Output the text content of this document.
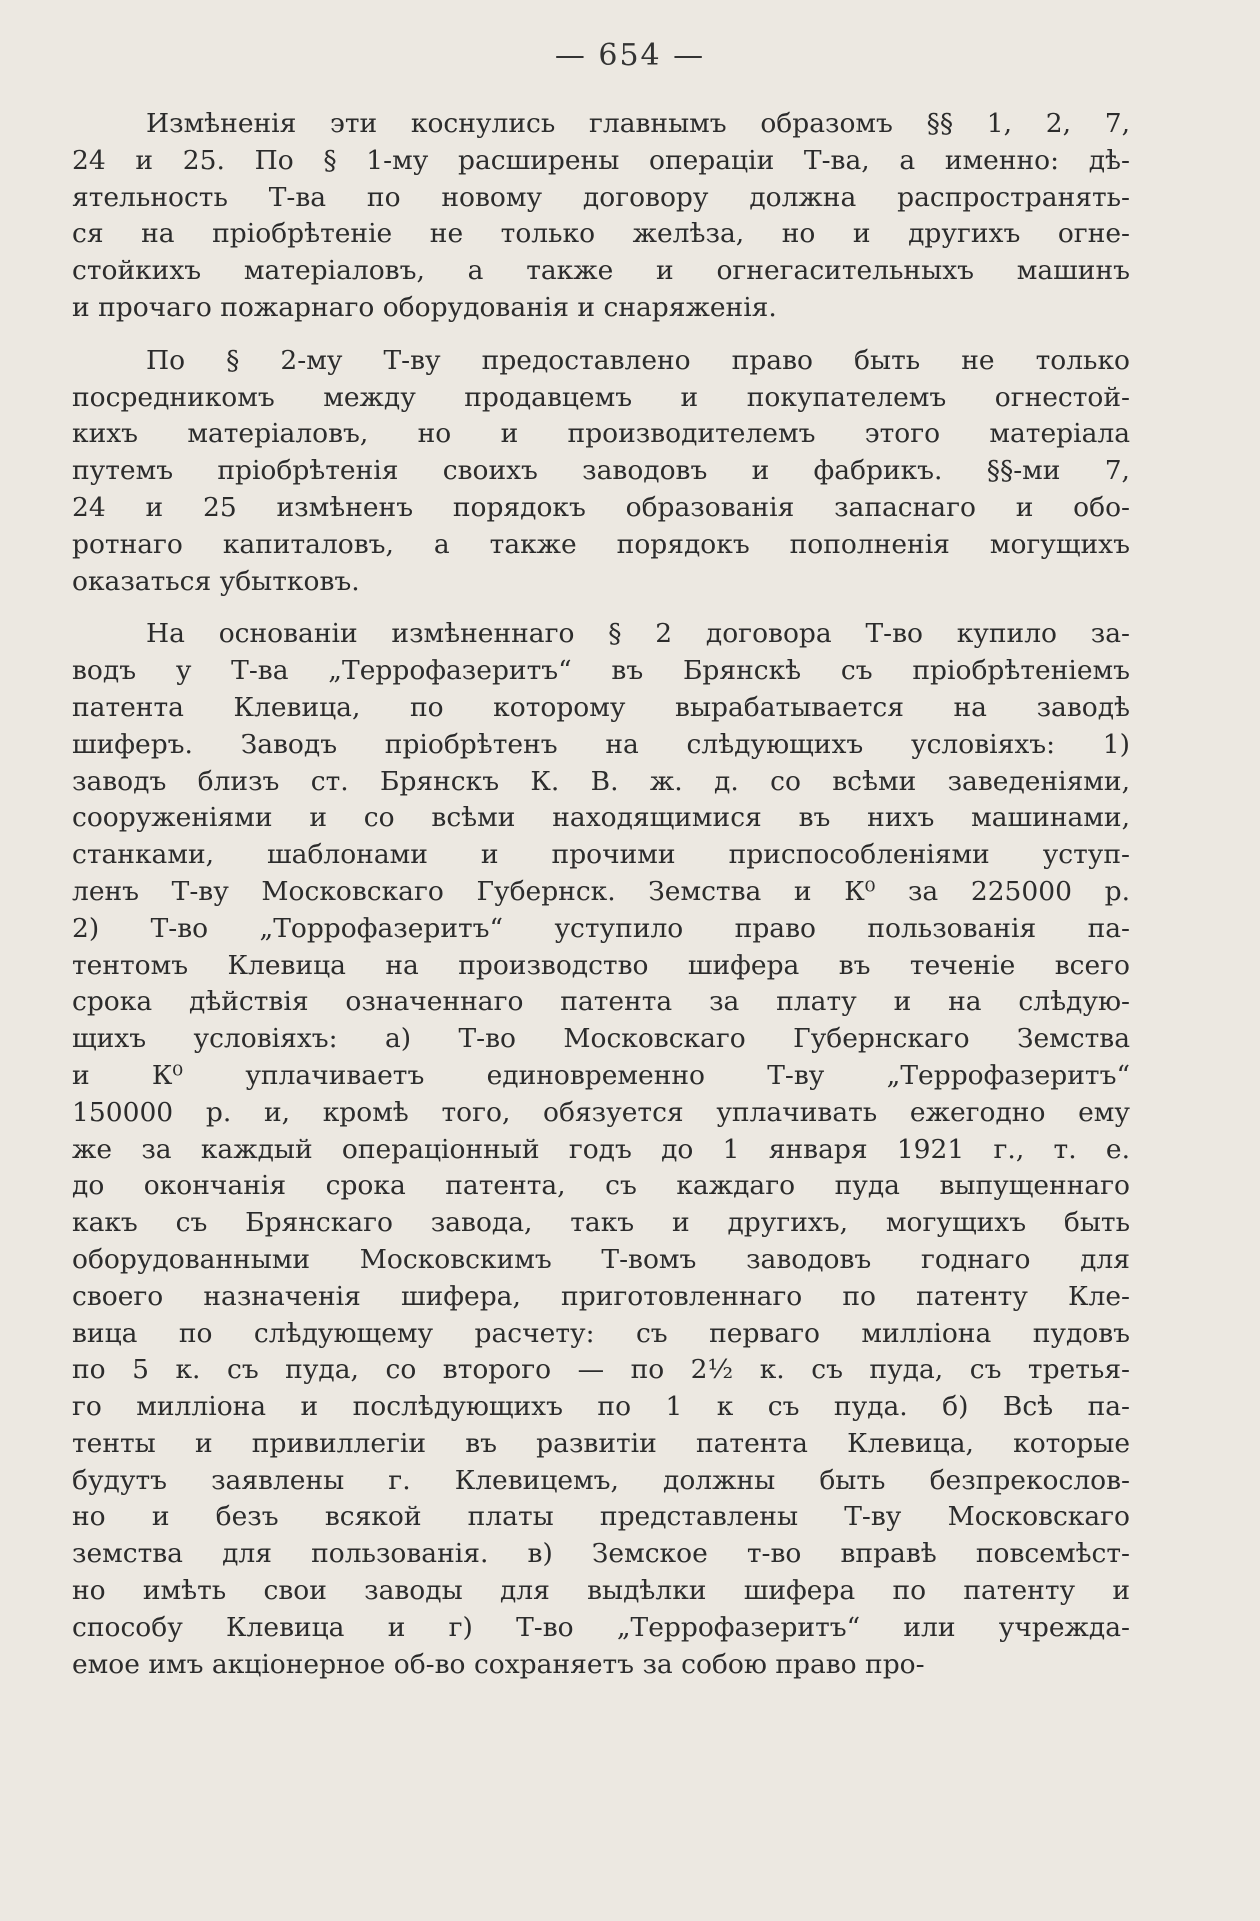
— 654 —
Измѣненія эти коснулись главнымъ образомъ §§ 1, 2, 7,
24 и 25. По § 1-му расширены операціи Т-ва, а именно: дѣ-
ятельность Т-ва по новому договору должна распространять-
ся на пріобрѣтеніе не только желѣза, но и другихъ огне-
стойкихъ матеріаловъ, а также и огнегасительныхъ машинъ
и прочаго пожарнаго оборудованія и снаряженія.
По § 2-му Т-ву предоставлено право быть не только
посредникомъ между продавцемъ и покупателемъ огнестой-
кихъ матеріаловъ, но и производителемъ этого матеріала
путемъ пріобрѣтенія своихъ заводовъ и фабрикъ. §§-ми 7,
24 и 25 измѣненъ порядокъ образованія запаснаго и обо-
ротнаго капиталовъ, а также порядокъ пополненія могущихъ
оказаться убытковъ.
На основаніи измѣненнаго § 2 договора Т-во купило за-
водъ у Т-ва „Террофазеритъ“ въ Брянскѣ съ пріобрѣтеніемъ
патента Клевица, по которому вырабатывается на заводѣ
шиферъ. Заводъ пріобрѣтенъ на слѣдующихъ условіяхъ: 1)
заводъ близъ ст. Брянскъ К. В. ж. д. со всѣми заведеніями,
сооруженіями и со всѣми находящимися въ нихъ машинами,
станками, шаблонами и прочими приспособленіями уступ-
ленъ Т-ву Московскаго Губернск. Земства и К⁰ за 225000 р.
2) Т-во „Торрофазеритъ“ уступило право пользованія па-
тентомъ Клевица на производство шифера въ теченіе всего
срока дѣйствія означеннаго патента за плату и на слѣдую-
щихъ условіяхъ: а) Т-во Московскаго Губернскаго Земства
и К⁰ уплачиваетъ единовременно Т-ву „Террофазеритъ“
150000 р. и, кромѣ того, обязуется уплачивать ежегодно ему
же за каждый операціонный годъ до 1 января 1921 г., т. е.
до окончанія срока патента, съ каждаго пуда выпущеннаго
какъ съ Брянскаго завода, такъ и другихъ, могущихъ быть
оборудованными Московскимъ Т-вомъ заводовъ годнаго для
своего назначенія шифера, приготовленнаго по патенту Кле-
вица по слѣдующему расчету: съ перваго милліона пудовъ
по 5 к. съ пуда, со второго — по 2½ к. съ пуда, съ третья-
го милліона и послѣдующихъ по 1 к съ пуда. б) Всѣ па-
тенты и привиллегіи въ развитіи патента Клевица, которые
будутъ заявлены г. Клевицемъ, должны быть безпрекослов-
но и безъ всякой платы представлены Т-ву Московскаго
земства для пользованія. в) Земское т-во вправѣ повсемѣст-
но имѣть свои заводы для выдѣлки шифера по патенту и
способу Клевица и г) Т-во „Террофазеритъ“ или учрежда-
емое имъ акціонерное об-во сохраняетъ за собою право про-
